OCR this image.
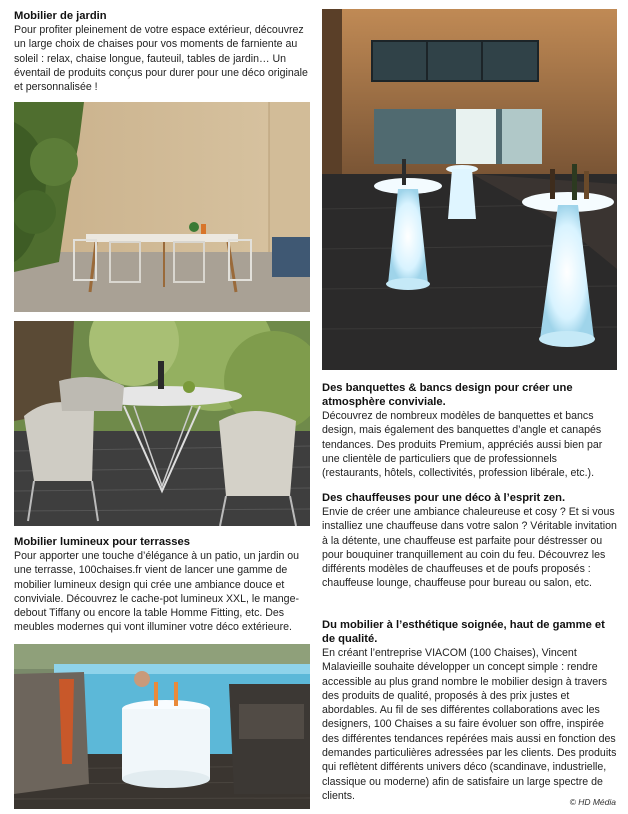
Mobilier de jardin

Pour profiter pleinement de votre espace extérieur, découvrez un large choix de chaises pour vos moments de farniente au soleil : relax, chaise longue, fauteuil, tables de jardin… Un éventail de produits conçus pour durer pour une déco originale et personnalisée !

Mobilier lumineux pour terrasses

Pour apporter une touche d’élégance à un patio, un jardin ou une terrasse, 100chaises.fr vient de lancer une gamme de mobilier lumineux design qui crée une ambiance douce et conviviale. Découvrez le cache-pot lumineux XXL, le mange-debout Tiffany ou encore la table Homme Fitting, etc. Des meubles modernes qui vont illuminer votre déco extérieure.

Des banquettes & bancs design pour créer une atmosphère conviviale.

Découvrez de nombreux modèles de banquettes et bancs design, mais également des banquettes d’angle et canapés tendances. Des produits Premium, appréciés aussi bien par une clientèle de particuliers que de professionnels (restaurants, hôtels, collectivités, profession libérale, etc.).

Des chauffeuses pour une déco à l’esprit zen.

Envie de créer une ambiance chaleureuse et cosy ? Et si vous installiez une chauffeuse dans votre salon ? Véritable invitation à la détente, une chauffeuse est parfaite pour déstresser ou pour bouquiner tranquillement au coin du feu. Découvrez les différents modèles de chauffeuses et de poufs proposés : chauffeuse lounge, chauffeuse pour bureau ou salon, etc.

Du mobilier à l’esthétique soignée, haut de gamme et de qualité.

En créant l’entreprise VIACOM (100 Chaises), Vincent Malavieille souhaite développer un concept simple : rendre accessible au plus grand nombre le mobilier design à travers des produits de qualité, proposés à des prix justes et abordables. Au fil de ses différentes collaborations avec les designers, 100 Chaises a su faire évoluer son offre, inspirée des différentes tendances repérées mais aussi en fonction des demandes particulières adressées par les clients. Des produits qui reflètent différents univers déco (scandinave, industrielle, classique ou moderne) afin de satisfaire un large spectre de clients.

© HD Média
